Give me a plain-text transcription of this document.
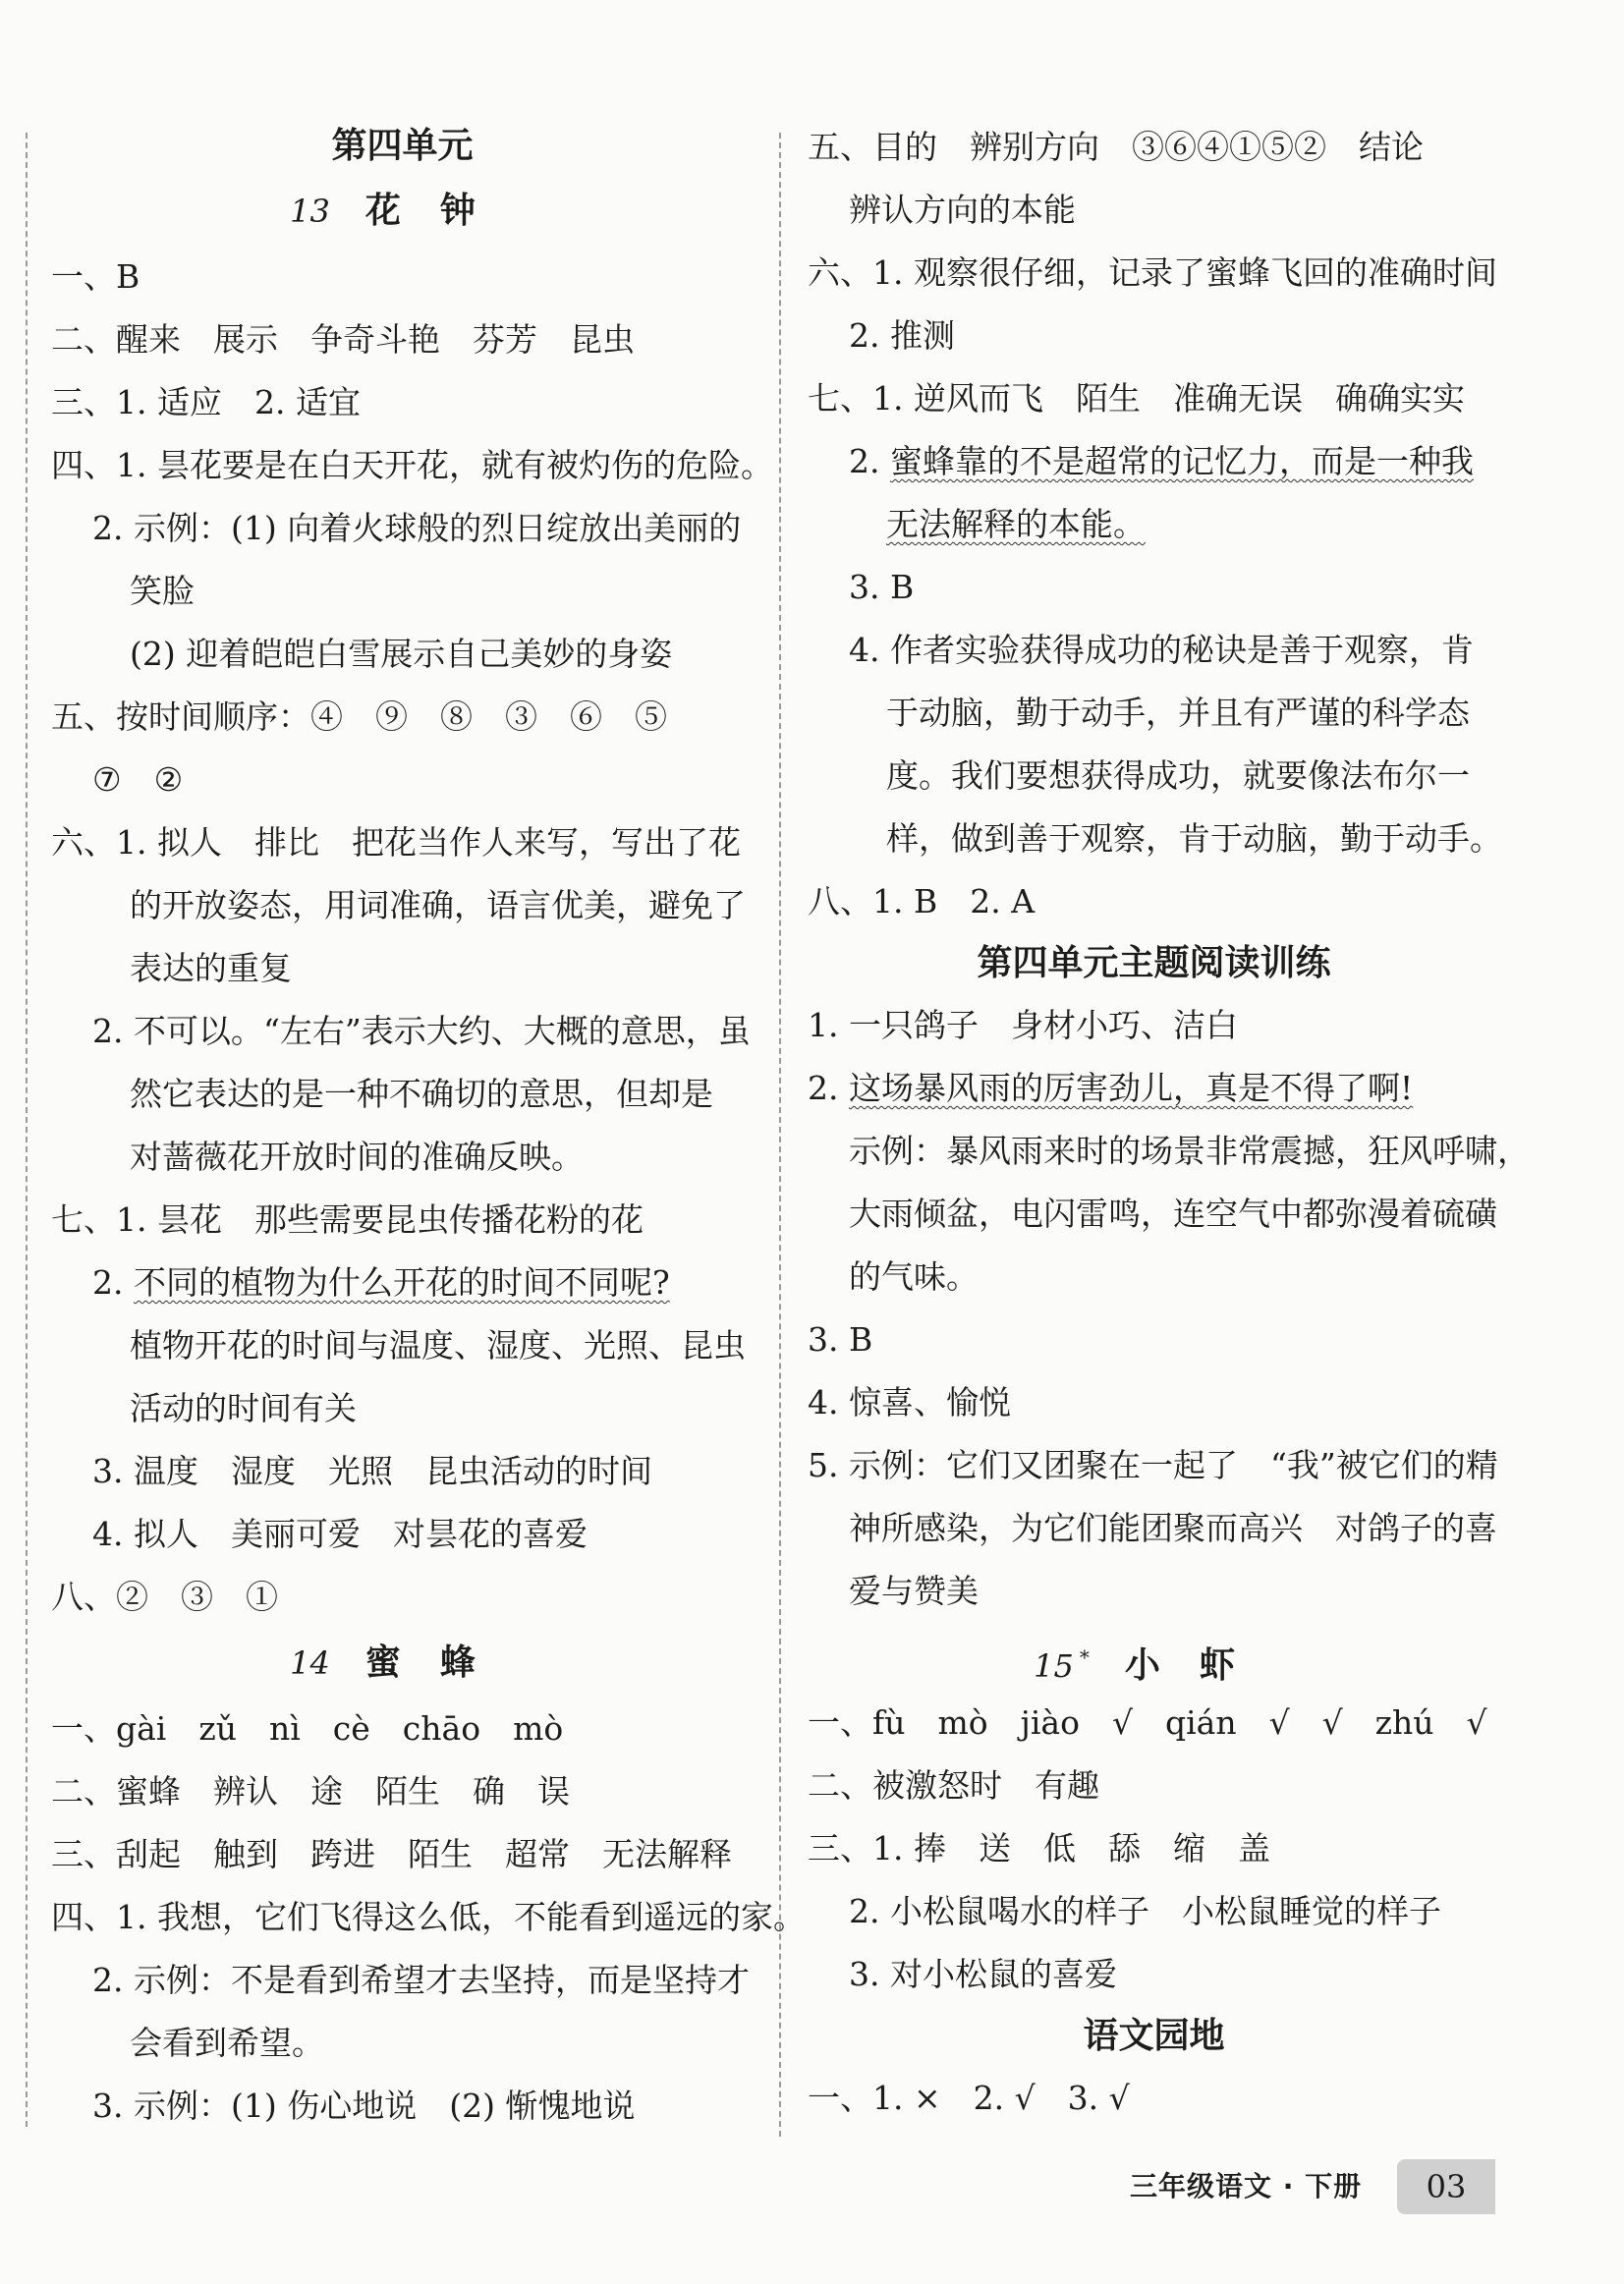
第四单元
13 花钟
一、B
二、醒来　展示　争奇斗艳　芬芳　昆虫
三、1. 适应　2. 适宜
四、1. 昙花要是在白天开花，就有被灼伤的危险。
2. 示例：(1) 向着火球般的烈日绽放出美丽的
笑脸
(2) 迎着皑皑白雪展示自己美妙的身姿
五、按时间顺序：④　⑨　⑧　③　⑥　⑤
⑦　②
六、1. 拟人　排比　把花当作人来写，写出了花
的开放姿态，用词准确，语言优美，避免了
表达的重复
2. 不可以。“左右”表示大约、大概的意思，虽
然它表达的是一种不确切的意思，但却是
对蔷薇花开放时间的准确反映。
七、1. 昙花　那些需要昆虫传播花粉的花
2. 不同的植物为什么开花的时间不同呢?
植物开花的时间与温度、湿度、光照、昆虫
活动的时间有关
3. 温度　湿度　光照　昆虫活动的时间
4. 拟人　美丽可爱　对昙花的喜爱
八、②　③　①
14 蜜蜂
一、gài　zǔ　nì　cè　chāo　mò
二、蜜蜂　辨认　途　陌生　确　误
三、刮起　触到　跨进　陌生　超常　无法解释
四、1. 我想，它们飞得这么低，不能看到遥远的家。
2. 示例：不是看到希望才去坚持，而是坚持才
会看到希望。
3. 示例：(1) 伤心地说　(2) 惭愧地说
五、目的　辨别方向　③⑥④①⑤②　结论
辨认方向的本能
六、1. 观察很仔细，记录了蜜蜂飞回的准确时间
2. 推测
七、1. 逆风而飞　陌生　准确无误　确确实实
2. 蜜蜂靠的不是超常的记忆力，而是一种我
无法解释的本能。
3. B
4. 作者实验获得成功的秘诀是善于观察，肯
于动脑，勤于动手，并且有严谨的科学态
度。我们要想获得成功，就要像法布尔一
样，做到善于观察，肯于动脑，勤于动手。
八、1. B　2. A
第四单元主题阅读训练
1. 一只鸽子　身材小巧、洁白
2. 这场暴风雨的厉害劲儿，真是不得了啊!
示例：暴风雨来时的场景非常震撼，狂风呼啸，
大雨倾盆，电闪雷鸣，连空气中都弥漫着硫磺
的气味。
3. B
4. 惊喜、愉悦
5. 示例：它们又团聚在一起了　“我”被它们的精
神所感染，为它们能团聚而高兴　对鸽子的喜
爱与赞美
15 * 小虾
一、fù　mò　jiào　√　qián　√　√　zhú　√
二、被激怒时　有趣
三、1. 捧　送　低　舔　缩　盖
2. 小松鼠喝水的样子　小松鼠睡觉的样子
3. 对小松鼠的喜爱
语文园地
一、1. ×　2. √　3. √
三年级语文 · 下册	03
